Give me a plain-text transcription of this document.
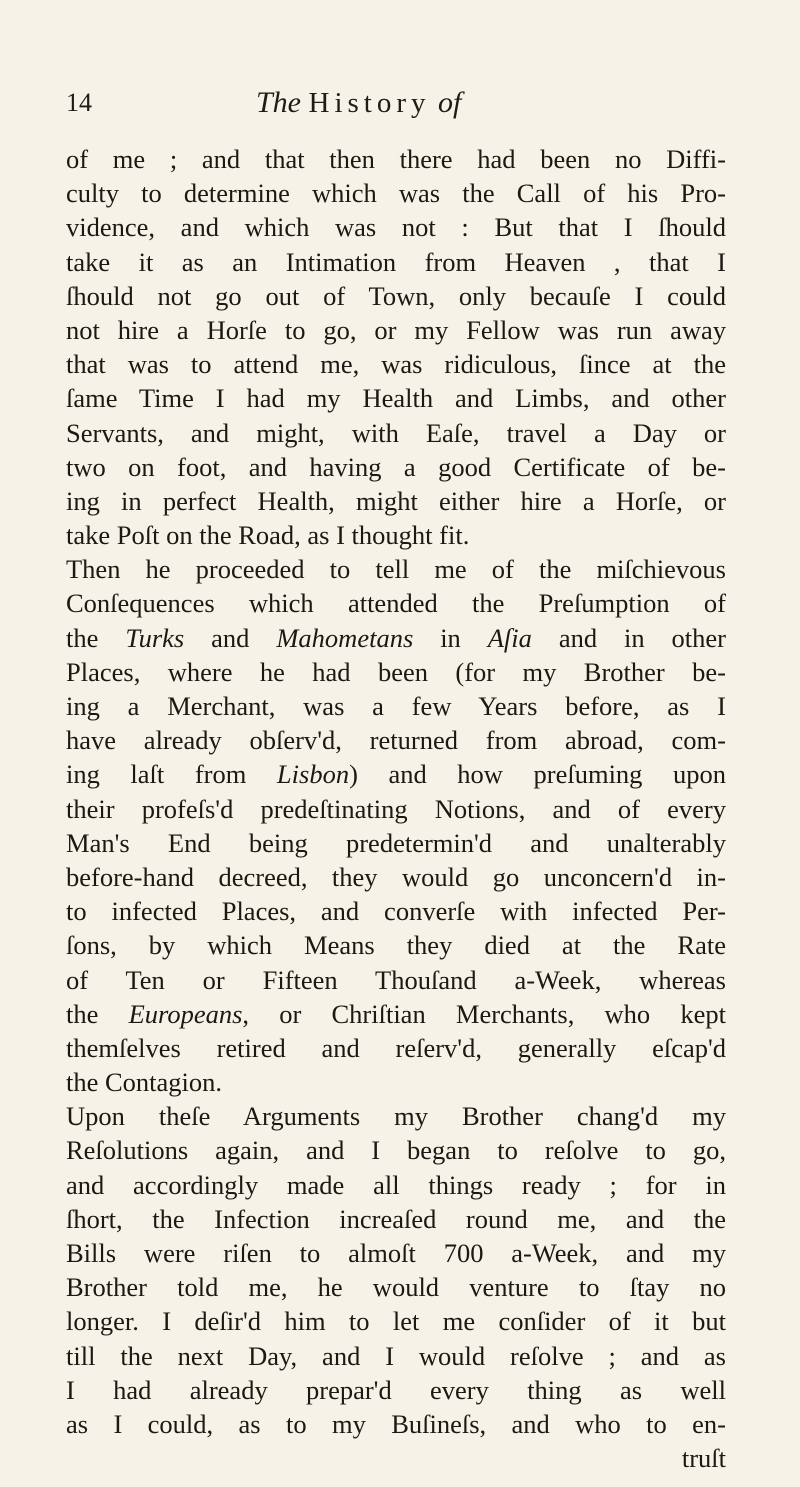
14	The History of
of me ; and that then there had been no Diffi-
culty to determine which was the Call of his Pro-
vidence, and which was not : But that I ſhould
take it as an Intimation from Heaven , that I
ſhould not go out of Town, only becauſe I could
not hire a Horſe to go, or my Fellow was run away
that was to attend me, was ridiculous, ſince at the
ſame Time I had my Health and Limbs, and other
Servants, and might, with Eaſe, travel a Day or
two on foot, and having a good Certificate of be-
ing in perfect Health, might either hire a Horſe, or
take Poſt on the Road, as I thought fit.
Then he proceeded to tell me of the miſchievous
Conſequences which attended the Preſumption of
the Turks and Mahometans in Aſia and in other
Places, where he had been (for my Brother be-
ing a Merchant, was a few Years before, as I
have already obſerv'd, returned from abroad, com-
ing laſt from Lisbon) and how preſuming upon
their profeſs'd predeſtinating Notions, and of every
Man's End being predetermin'd and unalterably
before-hand decreed, they would go unconcern'd in-
to infected Places, and converſe with infected Per-
ſons, by which Means they died at the Rate
of Ten or Fifteen Thouſand a-Week, whereas
the Europeans, or Chriſtian Merchants, who kept
themſelves retired and reſerv'd, generally eſcap'd
the Contagion.
Upon theſe Arguments my Brother chang'd my
Reſolutions again, and I began to reſolve to go,
and accordingly made all things ready ; for in
ſhort, the Infection increaſed round me, and the
Bills were riſen to almoſt 700 a-Week, and my
Brother told me, he would venture to ſtay no
longer. I deſir'd him to let me conſider of it but
till the next Day, and I would reſolve ; and as
I had already prepar'd every thing as well
as I could, as to my Buſineſs, and who to en-
truſt
